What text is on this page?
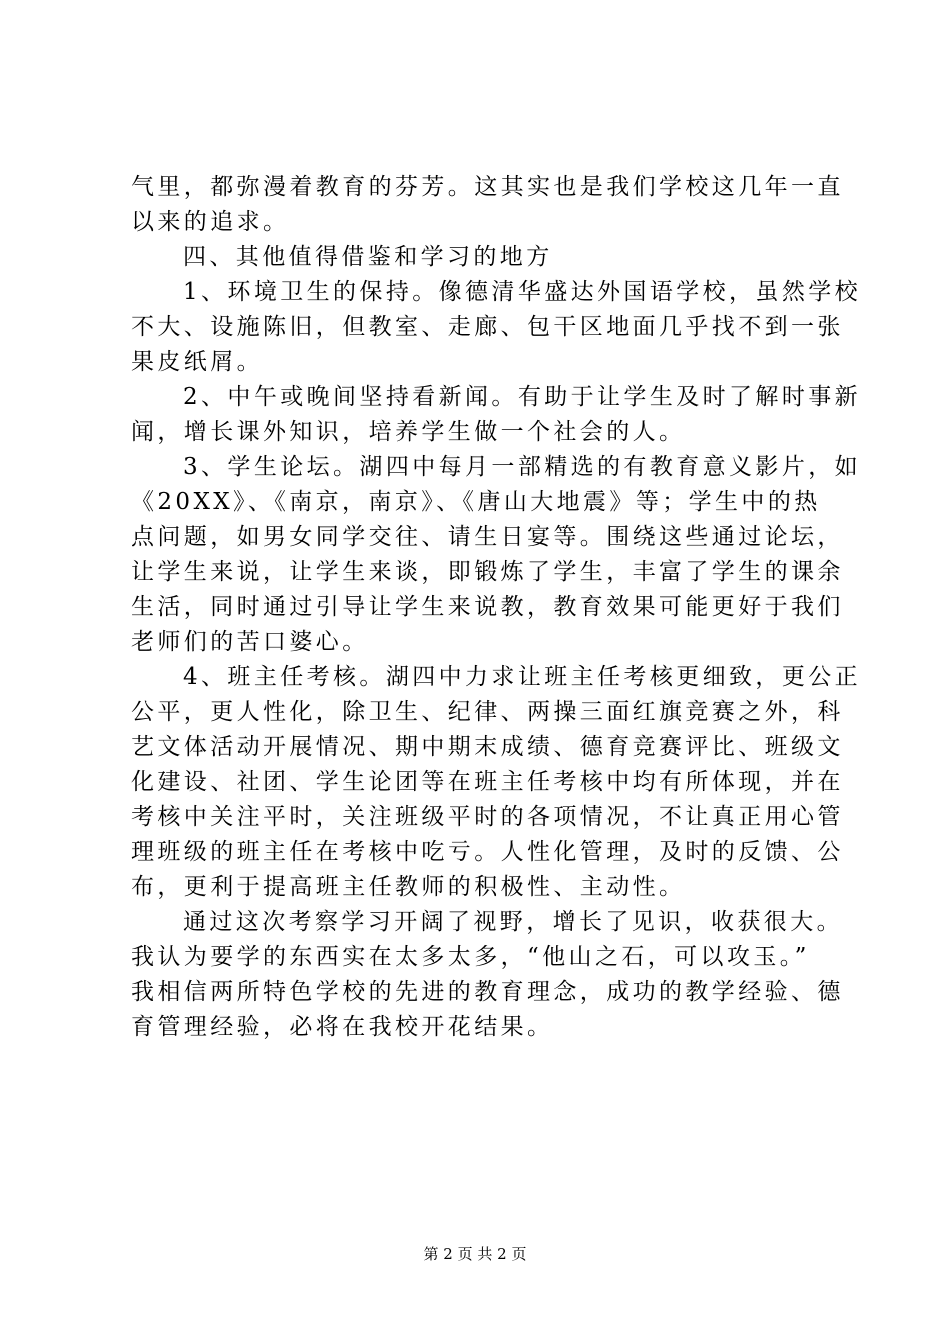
气里，都弥漫着教育的芬芳。这其实也是我们学校这几年一直
以来的追求。
四、其他值得借鉴和学习的地方
1、环境卫生的保持。像德清华盛达外国语学校，虽然学校
不大、设施陈旧，但教室、走廊、包干区地面几乎找不到一张
果皮纸屑。
2、中午或晚间坚持看新闻。有助于让学生及时了解时事新
闻，增长课外知识，培养学生做一个社会的人。
3、学生论坛。湖四中每月一部精选的有教育意义影片，如
《20XX》、《南京，南京》、《唐山大地震》等；学生中的热
点问题，如男女同学交往、请生日宴等。围绕这些通过论坛，
让学生来说，让学生来谈，即锻炼了学生，丰富了学生的课余
生活，同时通过引导让学生来说教，教育效果可能更好于我们
老师们的苦口婆心。
4、班主任考核。湖四中力求让班主任考核更细致，更公正
公平，更人性化，除卫生、纪律、两操三面红旗竞赛之外，科
艺文体活动开展情况、期中期末成绩、德育竞赛评比、班级文
化建设、社团、学生论团等在班主任考核中均有所体现，并在
考核中关注平时，关注班级平时的各项情况，不让真正用心管
理班级的班主任在考核中吃亏。人性化管理，及时的反馈、公
布，更利于提高班主任教师的积极性、主动性。
通过这次考察学习开阔了视野，增长了见识，收获很大。
我认为要学的东西实在太多太多，“他山之石，可以攻玉。”
我相信两所特色学校的先进的教育理念，成功的教学经验、德
育管理经验，必将在我校开花结果。
第 2 页 共 2 页
